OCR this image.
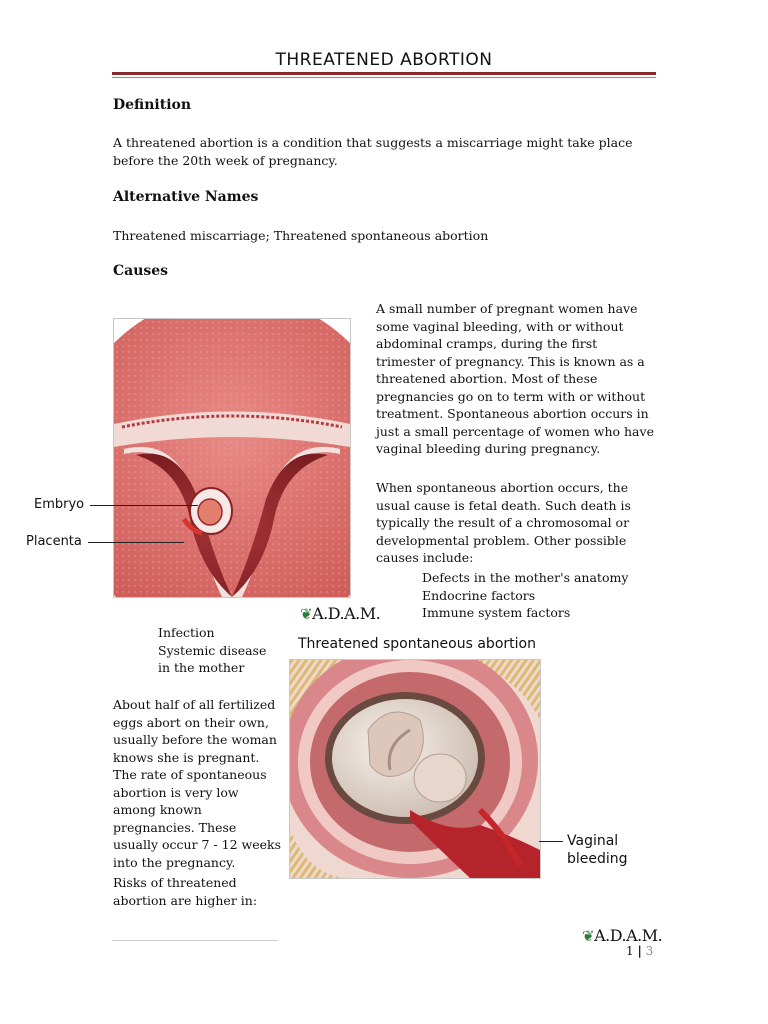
THREATENED ABORTION
Definition

A threatened abortion is a condition that suggests a miscarriage might take place before the 20th week of pregnancy.

Alternative Names

Threatened miscarriage; Threatened spontaneous abortion

Causes

A small number of pregnant women have some vaginal bleeding, with or without abdominal cramps, during the first trimester of pregnancy. This is known as a threatened abortion. Most of these pregnancies go on to term with or without treatment. Spontaneous abortion occurs in just a small percentage of women who have vaginal bleeding during pregnancy.

When spontaneous abortion occurs, the usual cause is fetal death. Such death is typically the result of a chromosomal or developmental problem. Other possible causes include:

Defects in the mother's anatomy
Endocrine factors
Immune system factors
Infection
Systemic disease in the mother

About half of all fertilized eggs abort on their own, usually before the woman knows she is pregnant. The rate of spontaneous abortion is very low among known pregnancies. These usually occur 7 - 12 weeks into the pregnancy.

Risks of threatened abortion are higher in:

Embryo
Placenta
❦A.D.A.M.
Threatened spontaneous abortion
Vaginal bleeding
❦A.D.A.M.
1 | 3
